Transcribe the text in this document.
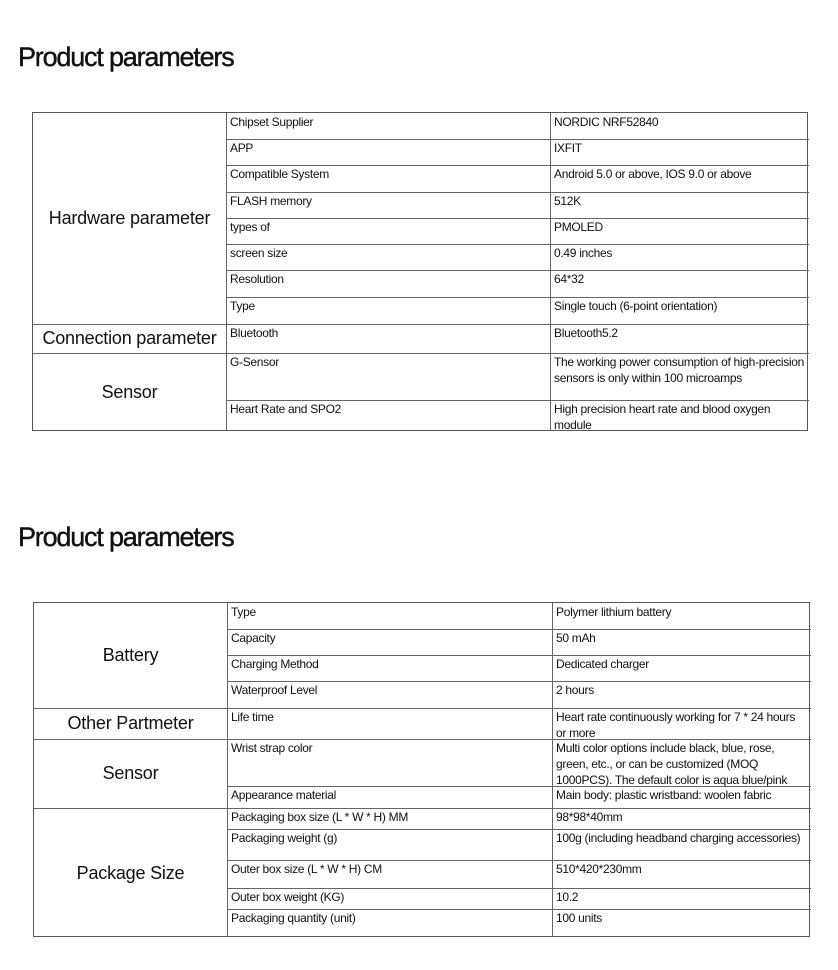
Product parameters
Hardware parameter
Chipset Supplier	NORDIC NRF52840
APP	IXFIT
Compatible System	Android 5.0 or above, IOS 9.0 or above
FLASH memory	512K
types of	PMOLED
screen size	0.49 inches
Resolution	64*32
Type	Single touch (6-point orientation)
Connection parameter	Bluetooth	Bluetooth5.2
Sensor
G-Sensor	The working power consumption of high-precision sensors is only within 100 microamps
Heart Rate and SPO2	High precision heart rate and blood oxygen module
Product parameters
Battery
Type	Polymer lithium battery
Capacity	50 mAh
Charging Method	Dedicated charger
Waterproof Level	2 hours
Other Partmeter	Life time	Heart rate continuously working for 7 * 24 hours or more
Sensor
Wrist strap color	Multi color options include black, blue, rose, green, etc., or can be customized (MOQ 1000PCS). The default color is aqua blue/pink
Appearance material	Main body: plastic wristband: woolen fabric
Package Size
Packaging box size (L * W * H) MM	98*98*40mm
Packaging weight (g)	100g (including headband charging accessories)
Outer box size (L * W * H) CM	510*420*230mm
Outer box weight (KG)	10.2
Packaging quantity (unit)	100 units
